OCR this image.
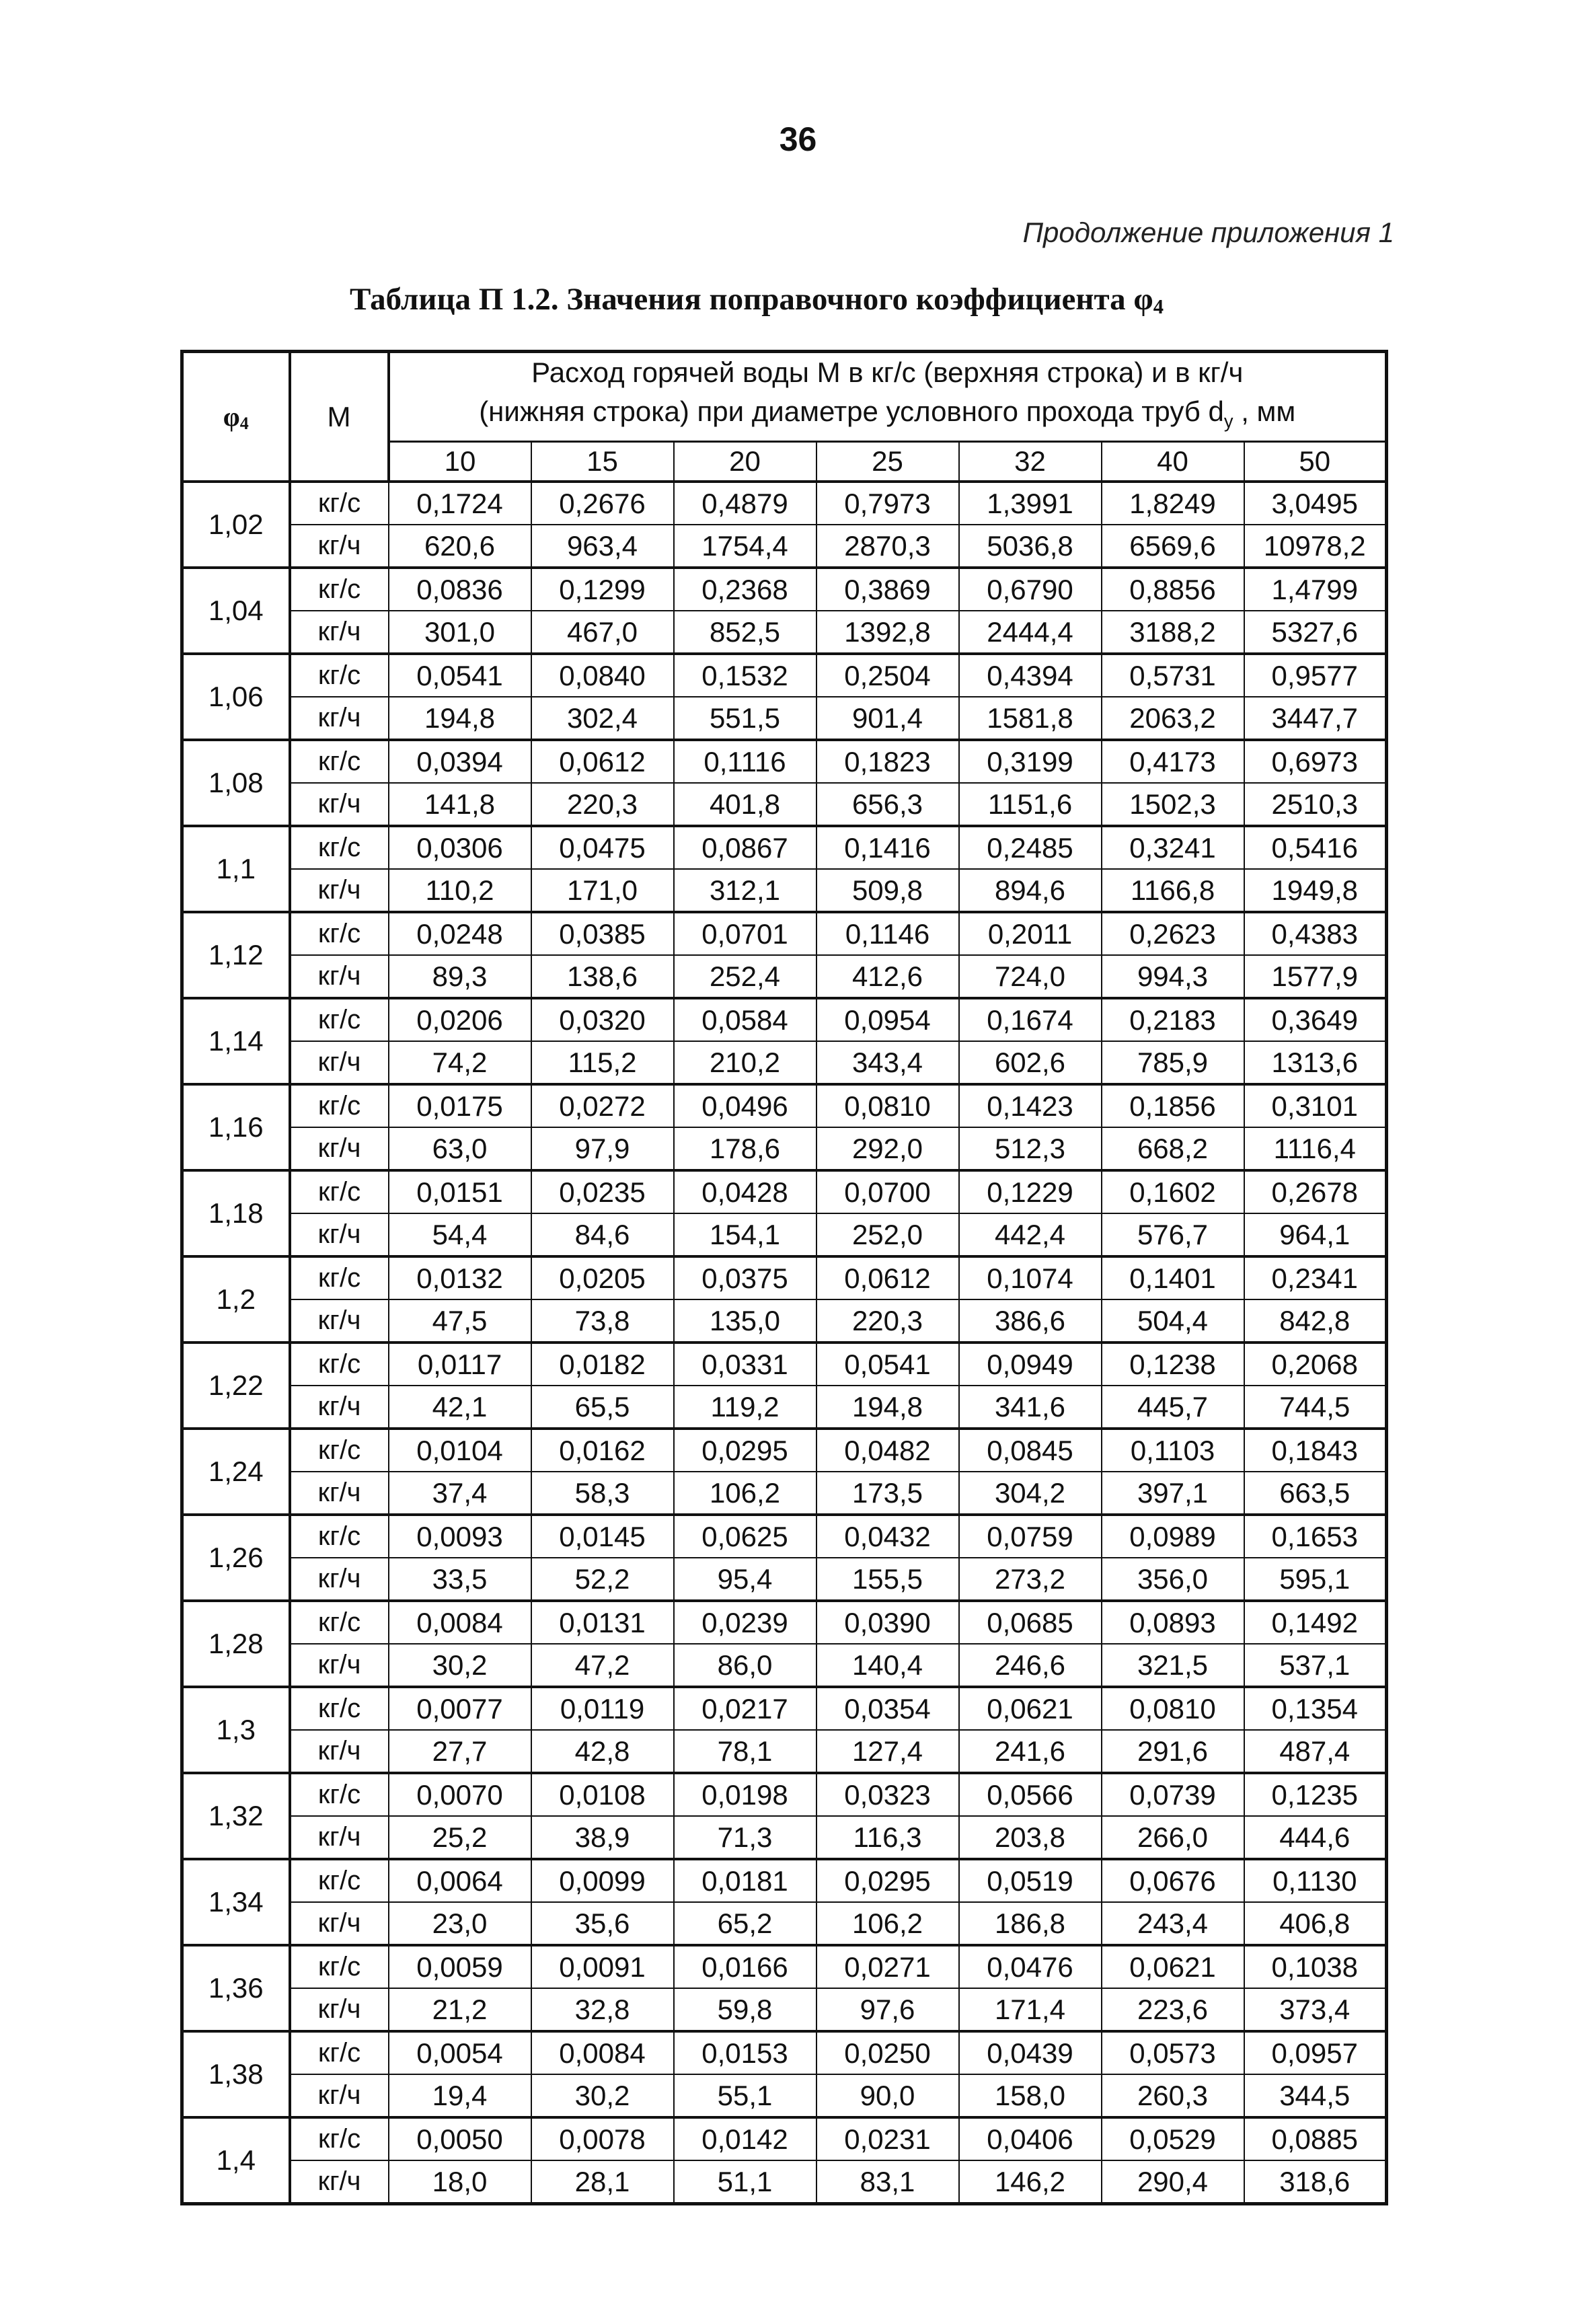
36
Продолжение приложения 1
Таблица П 1.2. Значения поправочного коэффициента $\varphi_4$
$\varphi_4$	М	Расход горячей воды М в кг/с (верхняя строка) и в кг/ч
(нижняя строка) при диаметре условного прохода труб $d_у$ , мм						

		10	15	20	25	32	40	50
1,02	кг/с	0,1724	0,2676	0,4879	0,7973	1,3991	1,8249	3,0495
	кг/ч	620,6	963,4	1754,4	2870,3	5036,8	6569,6	10978,2
1,04	кг/с	0,0836	0,1299	0,2368	0,3869	0,6790	0,8856	1,4799
	кг/ч	301,0	467,0	852,5	1392,8	2444,4	3188,2	5327,6
1,06	кг/с	0,0541	0,0840	0,1532	0,2504	0,4394	0,5731	0,9577
	кг/ч	194,8	302,4	551,5	901,4	1581,8	2063,2	3447,7
1,08	кг/с	0,0394	0,0612	0,1116	0,1823	0,3199	0,4173	0,6973
	кг/ч	141,8	220,3	401,8	656,3	1151,6	1502,3	2510,3
1,1	кг/с	0,0306	0,0475	0,0867	0,1416	0,2485	0,3241	0,5416
	кг/ч	110,2	171,0	312,1	509,8	894,6	1166,8	1949,8
1,12	кг/с	0,0248	0,0385	0,0701	0,1146	0,2011	0,2623	0,4383
	кг/ч	89,3	138,6	252,4	412,6	724,0	994,3	1577,9
1,14	кг/с	0,0206	0,0320	0,0584	0,0954	0,1674	0,2183	0,3649
	кг/ч	74,2	115,2	210,2	343,4	602,6	785,9	1313,6
1,16	кг/с	0,0175	0,0272	0,0496	0,0810	0,1423	0,1856	0,3101
	кг/ч	63,0	97,9	178,6	292,0	512,3	668,2	1116,4
1,18	кг/с	0,0151	0,0235	0,0428	0,0700	0,1229	0,1602	0,2678
	кг/ч	54,4	84,6	154,1	252,0	442,4	576,7	964,1
1,2	кг/с	0,0132	0,0205	0,0375	0,0612	0,1074	0,1401	0,2341
	кг/ч	47,5	73,8	135,0	220,3	386,6	504,4	842,8
1,22	кг/с	0,0117	0,0182	0,0331	0,0541	0,0949	0,1238	0,2068
	кг/ч	42,1	65,5	119,2	194,8	341,6	445,7	744,5
1,24	кг/с	0,0104	0,0162	0,0295	0,0482	0,0845	0,1103	0,1843
	кг/ч	37,4	58,3	106,2	173,5	304,2	397,1	663,5
1,26	кг/с	0,0093	0,0145	0,0625	0,0432	0,0759	0,0989	0,1653
	кг/ч	33,5	52,2	95,4	155,5	273,2	356,0	595,1
1,28	кг/с	0,0084	0,0131	0,0239	0,0390	0,0685	0,0893	0,1492
	кг/ч	30,2	47,2	86,0	140,4	246,6	321,5	537,1
1,3	кг/с	0,0077	0,0119	0,0217	0,0354	0,0621	0,0810	0,1354
	кг/ч	27,7	42,8	78,1	127,4	241,6	291,6	487,4
1,32	кг/с	0,0070	0,0108	0,0198	0,0323	0,0566	0,0739	0,1235
	кг/ч	25,2	38,9	71,3	116,3	203,8	266,0	444,6
1,34	кг/с	0,0064	0,0099	0,0181	0,0295	0,0519	0,0676	0,1130
	кг/ч	23,0	35,6	65,2	106,2	186,8	243,4	406,8
1,36	кг/с	0,0059	0,0091	0,0166	0,0271	0,0476	0,0621	0,1038
	кг/ч	21,2	32,8	59,8	97,6	171,4	223,6	373,4
1,38	кг/с	0,0054	0,0084	0,0153	0,0250	0,0439	0,0573	0,0957
	кг/ч	19,4	30,2	55,1	90,0	158,0	260,3	344,5
1,4	кг/с	0,0050	0,0078	0,0142	0,0231	0,0406	0,0529	0,0885
	кг/ч	18,0	28,1	51,1	83,1	146,2	290,4	318,6
